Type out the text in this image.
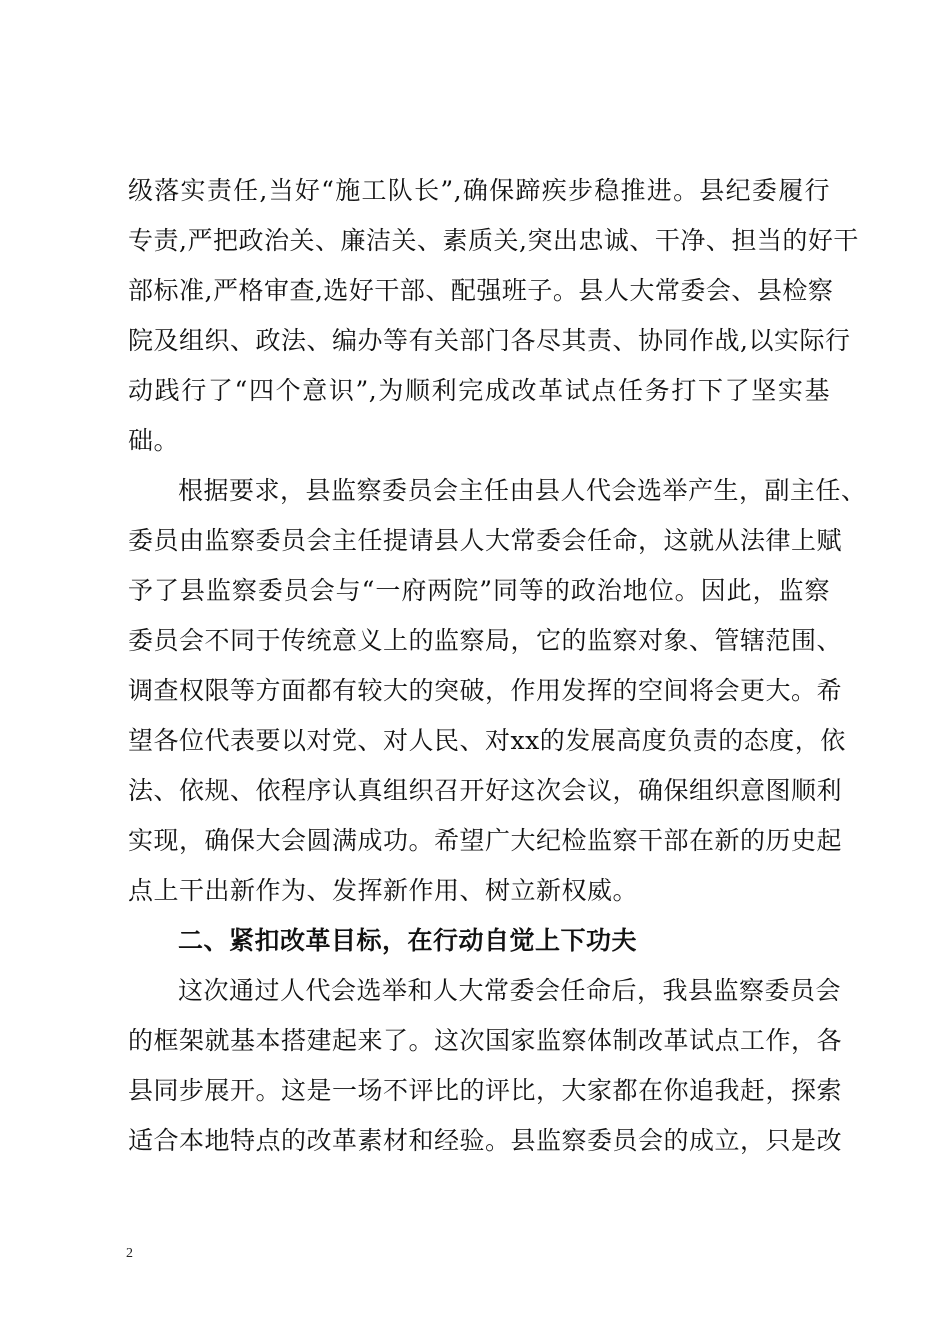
级落实责任,当好“施工队长”,确保蹄疾步稳推进。县纪委履行
专责,严把政治关、廉洁关、素质关,突出忠诚、干净、担当的好干
部标准,严格审查,选好干部、配强班子。县人大常委会、县检察
院及组织、政法、编办等有关部门各尽其责、协同作战,以实际行
动践行了“四个意识”,为顺利完成改革试点任务打下了坚实基
础。
根据要求，县监察委员会主任由县人代会选举产生，副主任、
委员由监察委员会主任提请县人大常委会任命，这就从法律上赋
予了县监察委员会与“一府两院”同等的政治地位。因此，监察
委员会不同于传统意义上的监察局，它的监察对象、管辖范围、
调查权限等方面都有较大的突破，作用发挥的空间将会更大。希
望各位代表要以对党、对人民、对xx的发展高度负责的态度，依
法、依规、依程序认真组织召开好这次会议，确保组织意图顺利
实现，确保大会圆满成功。希望广大纪检监察干部在新的历史起
点上干出新作为、发挥新作用、树立新权威。
二、紧扣改革目标，在行动自觉上下功夫
这次通过人代会选举和人大常委会任命后，我县监察委员会
的框架就基本搭建起来了。这次国家监察体制改革试点工作，各
县同步展开。这是一场不评比的评比，大家都在你追我赶，探索
适合本地特点的改革素材和经验。县监察委员会的成立，只是改
2
